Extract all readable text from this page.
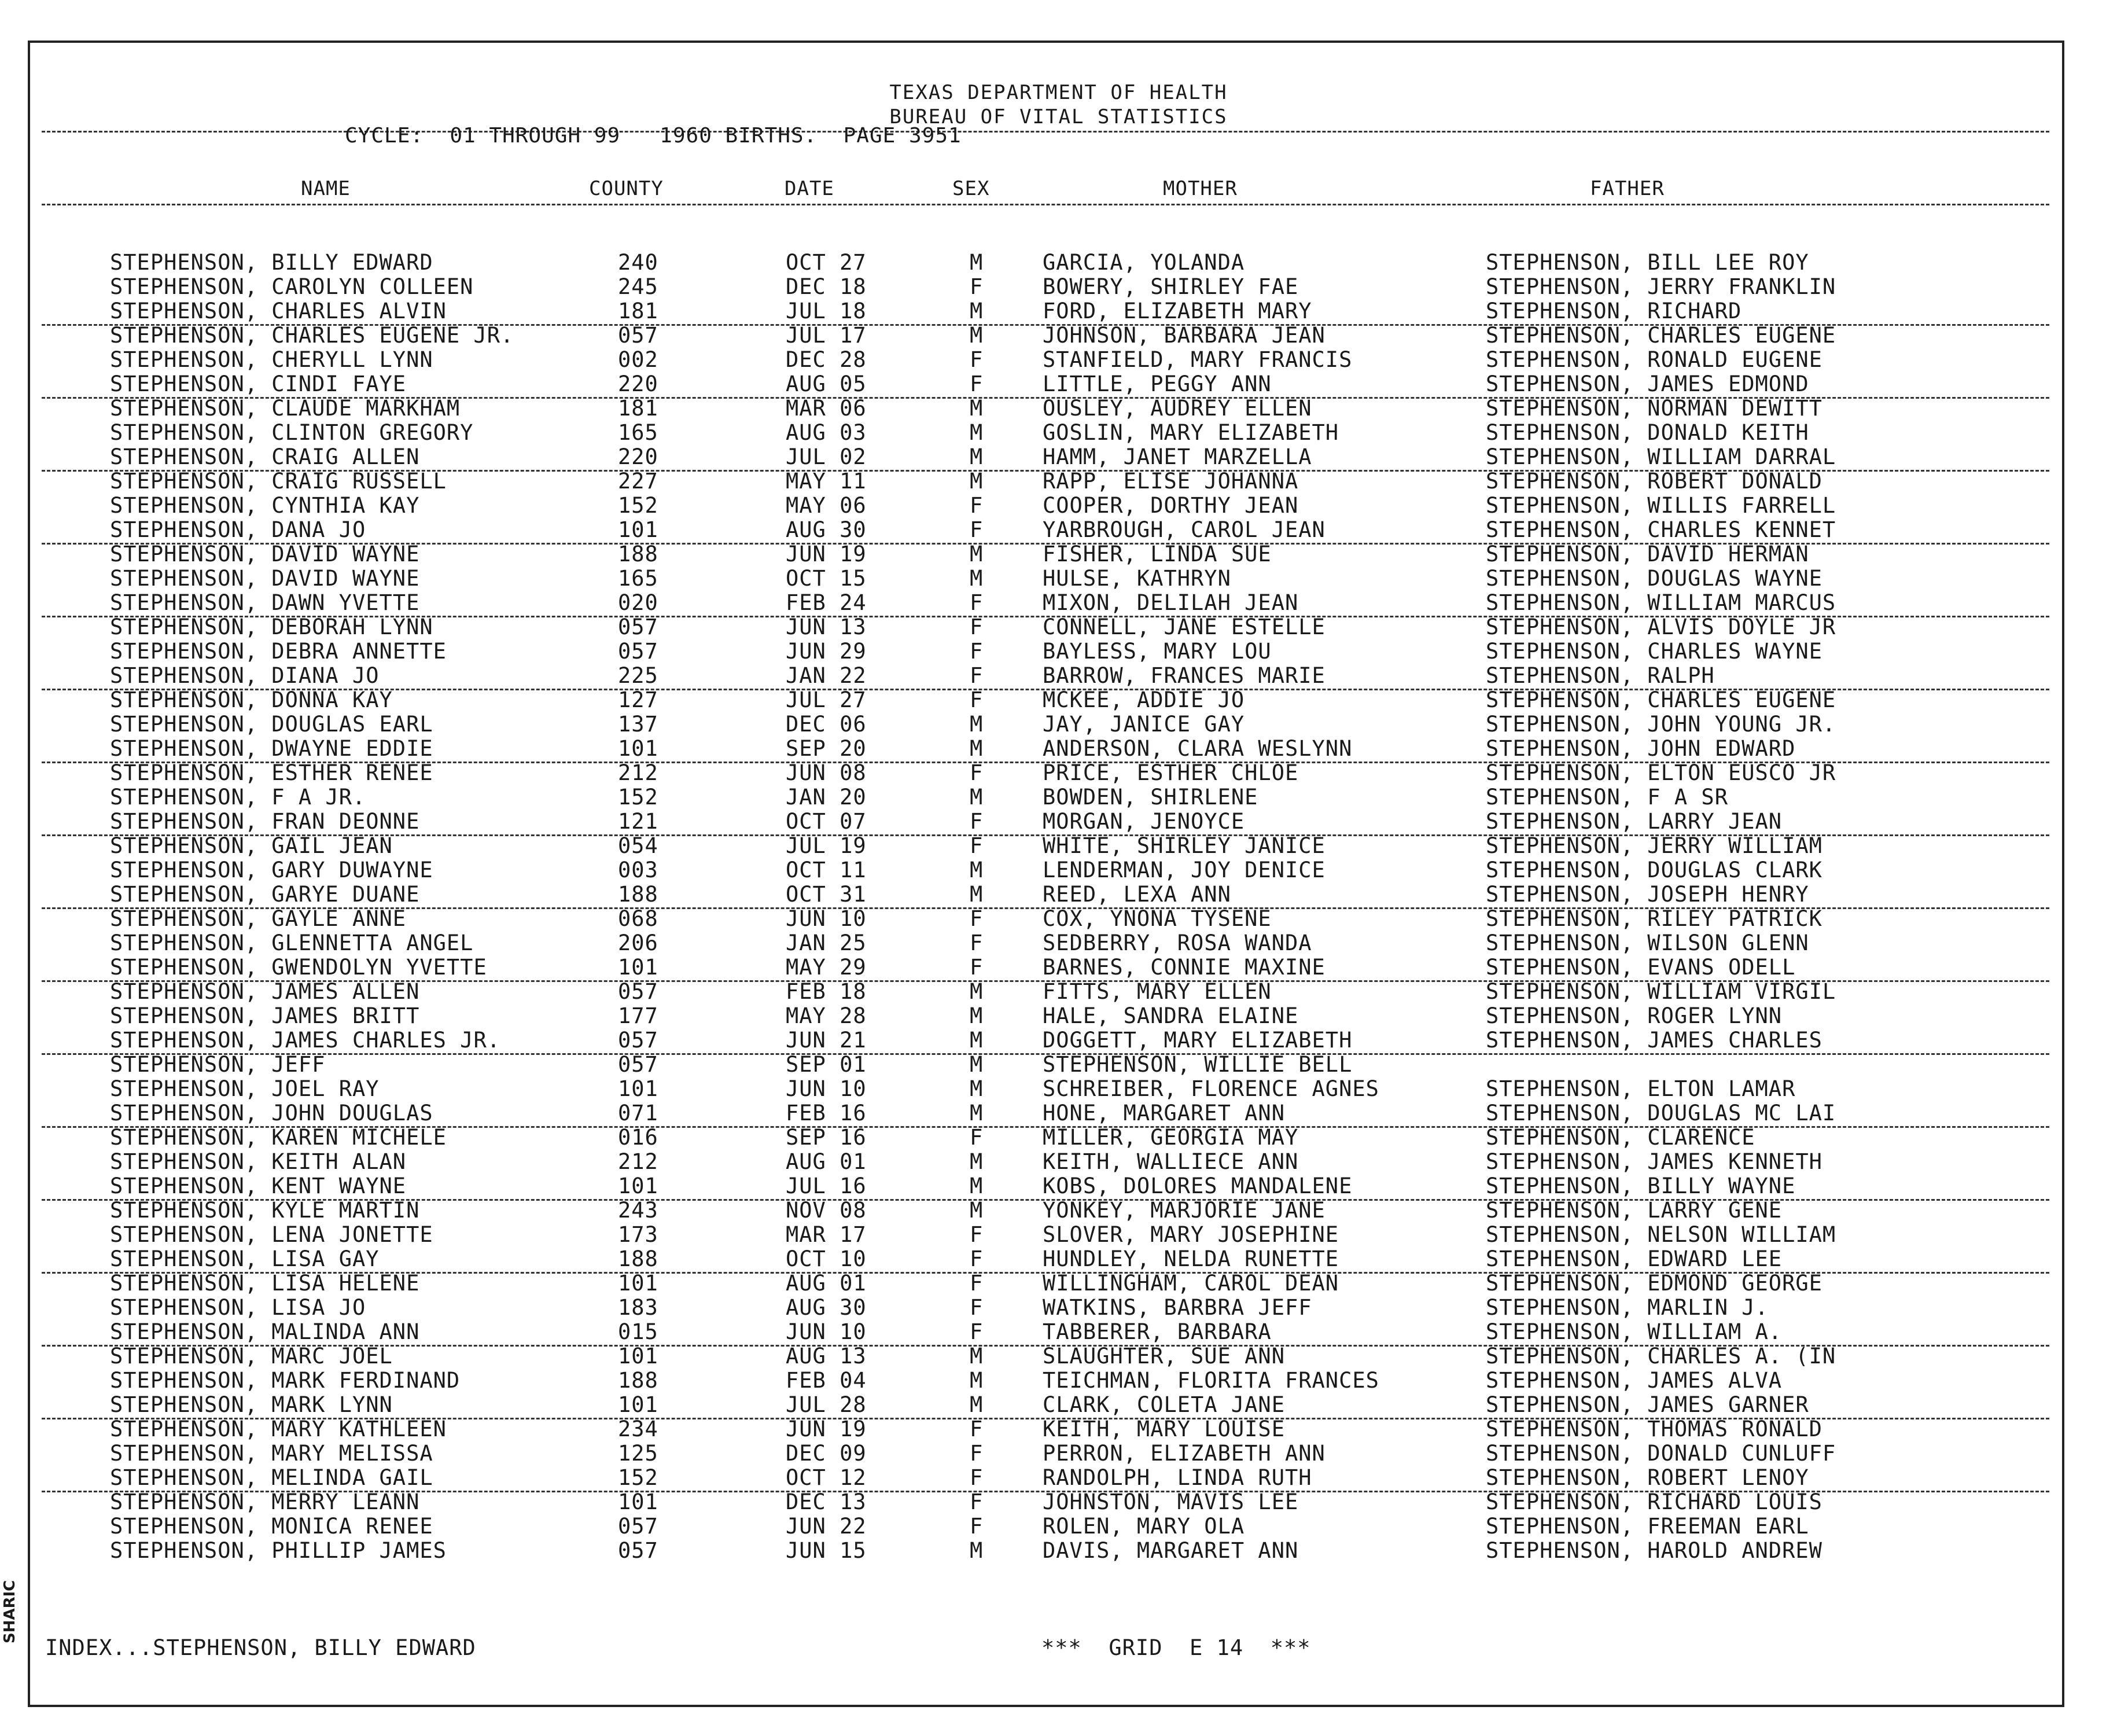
TEXAS DEPARTMENT OF HEALTH
BUREAU OF VITAL STATISTICS
CYCLE:  01 THROUGH 99   1960 BIRTHS.  PAGE 3951
NAME	COUNTY	DATE	SEX	MOTHER	FATHER
STEPHENSON, BILLY EDWARD	240	OCT 27	M	GARCIA, YOLANDA	STEPHENSON, BILL LEE ROY
STEPHENSON, CAROLYN COLLEEN	245	DEC 18	F	BOWERY, SHIRLEY FAE	STEPHENSON, JERRY FRANKLIN
STEPHENSON, CHARLES ALVIN	181	JUL 18	M	FORD, ELIZABETH MARY	STEPHENSON, RICHARD
STEPHENSON, CHARLES EUGENE JR.	057	JUL 17	M	JOHNSON, BARBARA JEAN	STEPHENSON, CHARLES EUGENE
STEPHENSON, CHERYLL LYNN	002	DEC 28	F	STANFIELD, MARY FRANCIS	STEPHENSON, RONALD EUGENE
STEPHENSON, CINDI FAYE	220	AUG 05	F	LITTLE, PEGGY ANN	STEPHENSON, JAMES EDMOND
STEPHENSON, CLAUDE MARKHAM	181	MAR 06	M	OUSLEY, AUDREY ELLEN	STEPHENSON, NORMAN DEWITT
STEPHENSON, CLINTON GREGORY	165	AUG 03	M	GOSLIN, MARY ELIZABETH	STEPHENSON, DONALD KEITH
STEPHENSON, CRAIG ALLEN	220	JUL 02	M	HAMM, JANET MARZELLA	STEPHENSON, WILLIAM DARRAL
STEPHENSON, CRAIG RUSSELL	227	MAY 11	M	RAPP, ELISE JOHANNA	STEPHENSON, ROBERT DONALD
STEPHENSON, CYNTHIA KAY	152	MAY 06	F	COOPER, DORTHY JEAN	STEPHENSON, WILLIS FARRELL
STEPHENSON, DANA JO	101	AUG 30	F	YARBROUGH, CAROL JEAN	STEPHENSON, CHARLES KENNET
STEPHENSON, DAVID WAYNE	188	JUN 19	M	FISHER, LINDA SUE	STEPHENSON, DAVID HERMAN
STEPHENSON, DAVID WAYNE	165	OCT 15	M	HULSE, KATHRYN	STEPHENSON, DOUGLAS WAYNE
STEPHENSON, DAWN YVETTE	020	FEB 24	F	MIXON, DELILAH JEAN	STEPHENSON, WILLIAM MARCUS
STEPHENSON, DEBORAH LYNN	057	JUN 13	F	CONNELL, JANE ESTELLE	STEPHENSON, ALVIS DOYLE JR
STEPHENSON, DEBRA ANNETTE	057	JUN 29	F	BAYLESS, MARY LOU	STEPHENSON, CHARLES WAYNE
STEPHENSON, DIANA JO	225	JAN 22	F	BARROW, FRANCES MARIE	STEPHENSON, RALPH
STEPHENSON, DONNA KAY	127	JUL 27	F	MCKEE, ADDIE JO	STEPHENSON, CHARLES EUGENE
STEPHENSON, DOUGLAS EARL	137	DEC 06	M	JAY, JANICE GAY	STEPHENSON, JOHN YOUNG JR.
STEPHENSON, DWAYNE EDDIE	101	SEP 20	M	ANDERSON, CLARA WESLYNN	STEPHENSON, JOHN EDWARD
STEPHENSON, ESTHER RENEE	212	JUN 08	F	PRICE, ESTHER CHLOE	STEPHENSON, ELTON EUSCO JR
STEPHENSON, F A JR.	152	JAN 20	M	BOWDEN, SHIRLENE	STEPHENSON, F A SR
STEPHENSON, FRAN DEONNE	121	OCT 07	F	MORGAN, JENOYCE	STEPHENSON, LARRY JEAN
STEPHENSON, GAIL JEAN	054	JUL 19	F	WHITE, SHIRLEY JANICE	STEPHENSON, JERRY WILLIAM
STEPHENSON, GARY DUWAYNE	003	OCT 11	M	LENDERMAN, JOY DENICE	STEPHENSON, DOUGLAS CLARK
STEPHENSON, GARYE DUANE	188	OCT 31	M	REED, LEXA ANN	STEPHENSON, JOSEPH HENRY
STEPHENSON, GAYLE ANNE	068	JUN 10	F	COX, YNONA TYSENE	STEPHENSON, RILEY PATRICK
STEPHENSON, GLENNETTA ANGEL	206	JAN 25	F	SEDBERRY, ROSA WANDA	STEPHENSON, WILSON GLENN
STEPHENSON, GWENDOLYN YVETTE	101	MAY 29	F	BARNES, CONNIE MAXINE	STEPHENSON, EVANS ODELL
STEPHENSON, JAMES ALLEN	057	FEB 18	M	FITTS, MARY ELLEN	STEPHENSON, WILLIAM VIRGIL
STEPHENSON, JAMES BRITT	177	MAY 28	M	HALE, SANDRA ELAINE	STEPHENSON, ROGER LYNN
STEPHENSON, JAMES CHARLES JR.	057	JUN 21	M	DOGGETT, MARY ELIZABETH	STEPHENSON, JAMES CHARLES
STEPHENSON, JEFF	057	SEP 01	M	STEPHENSON, WILLIE BELL
STEPHENSON, JOEL RAY	101	JUN 10	M	SCHREIBER, FLORENCE AGNES	STEPHENSON, ELTON LAMAR
STEPHENSON, JOHN DOUGLAS	071	FEB 16	M	HONE, MARGARET ANN	STEPHENSON, DOUGLAS MC LAI
STEPHENSON, KAREN MICHELE	016	SEP 16	F	MILLER, GEORGIA MAY	STEPHENSON, CLARENCE
STEPHENSON, KEITH ALAN	212	AUG 01	M	KEITH, WALLIECE ANN	STEPHENSON, JAMES KENNETH
STEPHENSON, KENT WAYNE	101	JUL 16	M	KOBS, DOLORES MANDALENE	STEPHENSON, BILLY WAYNE
STEPHENSON, KYLE MARTIN	243	NOV 08	M	YONKEY, MARJORIE JANE	STEPHENSON, LARRY GENE
STEPHENSON, LENA JONETTE	173	MAR 17	F	SLOVER, MARY JOSEPHINE	STEPHENSON, NELSON WILLIAM
STEPHENSON, LISA GAY	188	OCT 10	F	HUNDLEY, NELDA RUNETTE	STEPHENSON, EDWARD LEE
STEPHENSON, LISA HELENE	101	AUG 01	F	WILLINGHAM, CAROL DEAN	STEPHENSON, EDMOND GEORGE
STEPHENSON, LISA JO	183	AUG 30	F	WATKINS, BARBRA JEFF	STEPHENSON, MARLIN J.
STEPHENSON, MALINDA ANN	015	JUN 10	F	TABBERER, BARBARA	STEPHENSON, WILLIAM A.
STEPHENSON, MARC JOEL	101	AUG 13	M	SLAUGHTER, SUE ANN	STEPHENSON, CHARLES A. (IN
STEPHENSON, MARK FERDINAND	188	FEB 04	M	TEICHMAN, FLORITA FRANCES	STEPHENSON, JAMES ALVA
STEPHENSON, MARK LYNN	101	JUL 28	M	CLARK, COLETA JANE	STEPHENSON, JAMES GARNER
STEPHENSON, MARY KATHLEEN	234	JUN 19	F	KEITH, MARY LOUISE	STEPHENSON, THOMAS RONALD
STEPHENSON, MARY MELISSA	125	DEC 09	F	PERRON, ELIZABETH ANN	STEPHENSON, DONALD CUNLUFF
STEPHENSON, MELINDA GAIL	152	OCT 12	F	RANDOLPH, LINDA RUTH	STEPHENSON, ROBERT LENOY
STEPHENSON, MERRY LEANN	101	DEC 13	F	JOHNSTON, MAVIS LEE	STEPHENSON, RICHARD LOUIS
STEPHENSON, MONICA RENEE	057	JUN 22	F	ROLEN, MARY OLA	STEPHENSON, FREEMAN EARL
STEPHENSON, PHILLIP JAMES	057	JUN 15	M	DAVIS, MARGARET ANN	STEPHENSON, HAROLD ANDREW
INDEX...STEPHENSON, BILLY EDWARD	***  GRID  E 14  ***
SHARIC
